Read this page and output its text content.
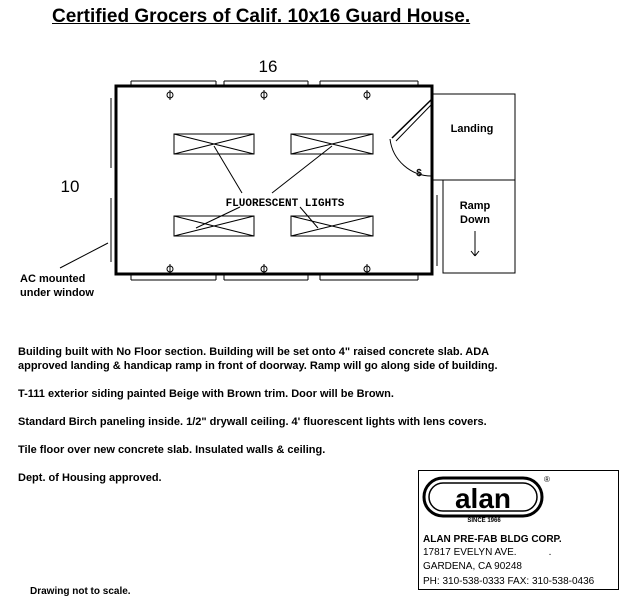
Certified Grocers of Calif. 10x16 Guard House.
16
10
FLUORESCENT LIGHTS
$
Landing
Ramp
Down
AC mounted
under window
Building built with No Floor section. Building will be set onto 4" raised concrete slab. ADA
approved landing & handicap ramp in front of doorway. Ramp will go along side of building.
T-111 exterior siding painted Beige with Brown trim. Door will be Brown.
Standard Birch paneling inside. 1/2" drywall ceiling. 4' fluorescent lights with lens covers.
Tile floor over new concrete slab. Insulated walls & ceiling.
Dept. of Housing approved.
alan
®
SINCE 1966
ALAN PRE-FAB BLDG CORP.
17817 EVELYN AVE.	.
GARDENA, CA 90248
PH: 310-538-0333 FAX: 310-538-0436
Drawing not to scale.
